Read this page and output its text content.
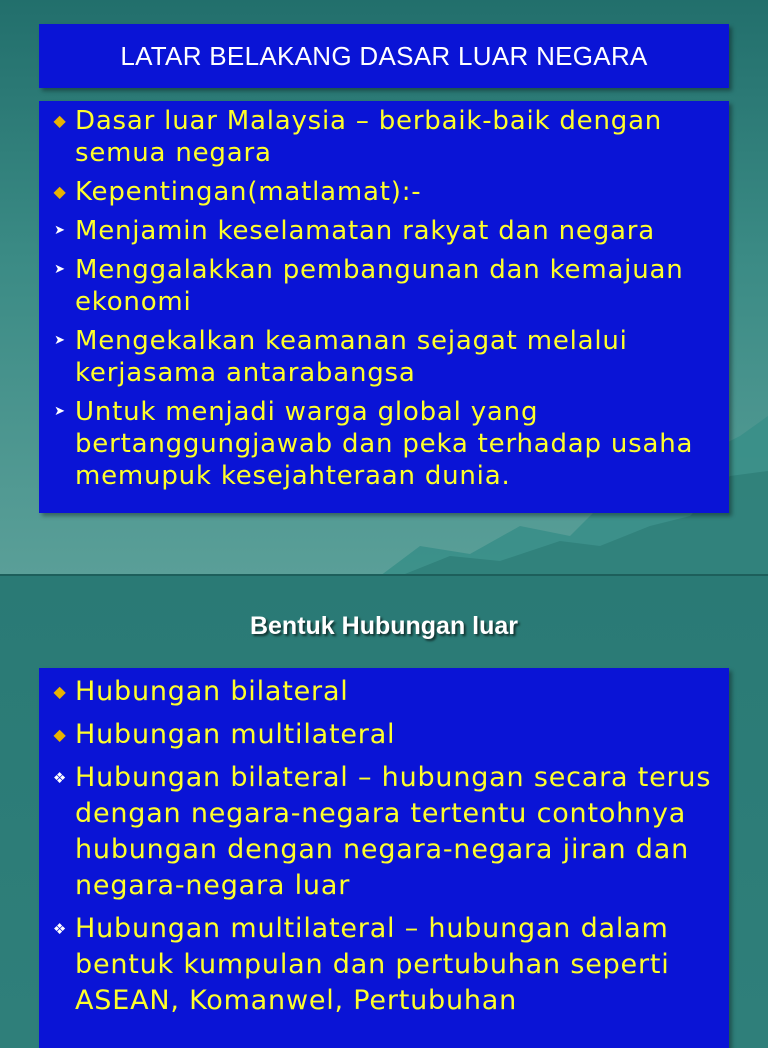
LATAR BELAKANG DASAR LUAR NEGARA
◆ Dasar luar Malaysia – berbaik-baik dengan semua negara
◆ Kepentingan(matlamat):-
➤ Menjamin keselamatan rakyat dan negara
➤ Menggalakkan pembangunan dan kemajuan ekonomi
➤ Mengekalkan keamanan sejagat melalui kerjasama antarabangsa
➤ Untuk menjadi warga global yang bertanggungjawab dan peka terhadap usaha memupuk kesejahteraan dunia.
Bentuk Hubungan luar
◆ Hubungan bilateral
◆ Hubungan multilateral
❖ Hubungan bilateral – hubungan secara terus dengan negara-negara tertentu contohnya hubungan dengan negara-negara jiran dan negara-negara luar
❖ Hubungan multilateral – hubungan dalam bentuk kumpulan dan pertubuhan seperti ASEAN, Komanwel, Pertubuhan
